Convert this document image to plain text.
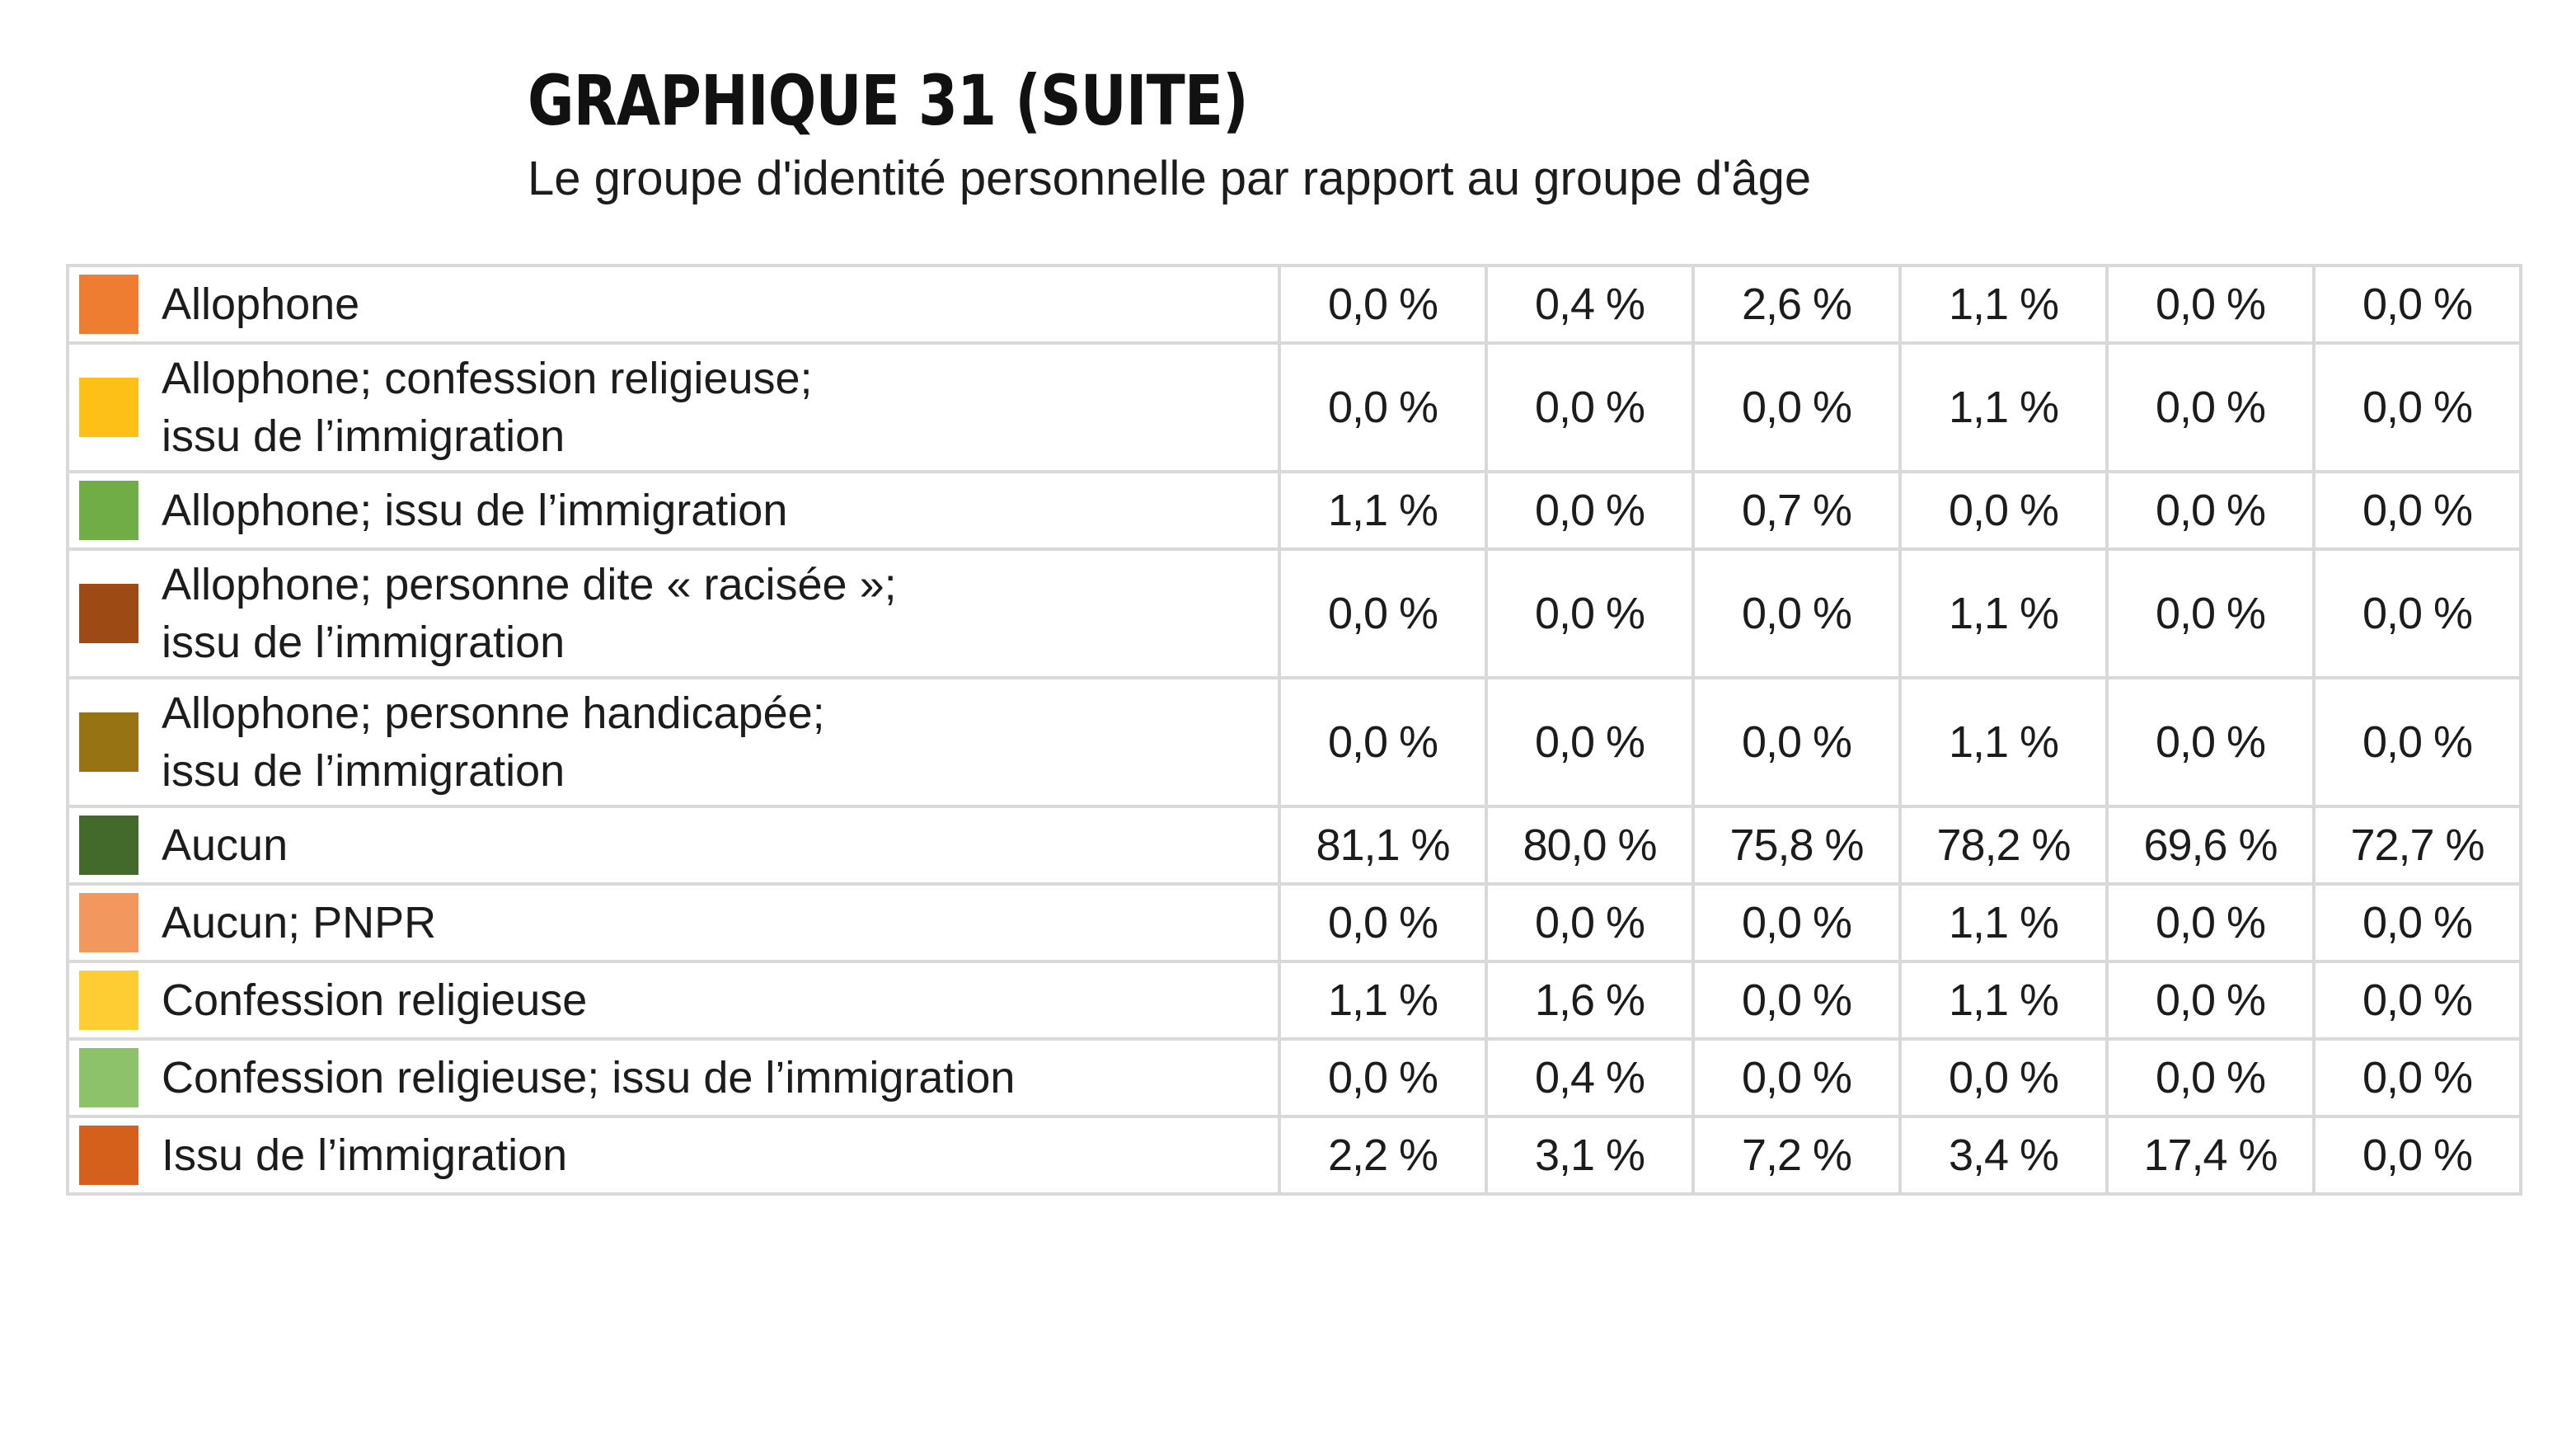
GRAPHIQUE 31 (SUITE)
Le groupe d'identité personnelle par rapport au groupe d'âge
Allophone	0,0 %	0,4 %	2,6 %	1,1 %	0,0 %	0,0 %

Allophone; confession religieuse;
issu de l’immigration	0,0 %	0,0 %	0,0 %	1,1 %	0,0 %	0,0 %

Allophone; issu de l’immigration	1,1 %	0,0 %	0,7 %	0,0 %	0,0 %	0,0 %

Allophone; personne dite « racisée »;
issu de l’immigration	0,0 %	0,0 %	0,0 %	1,1 %	0,0 %	0,0 %

Allophone; personne handicapée;
issu de l’immigration	0,0 %	0,0 %	0,0 %	1,1 %	0,0 %	0,0 %

Aucun	81,1 %	80,0 %	75,8 %	78,2 %	69,6 %	72,7 %

Aucun; PNPR	0,0 %	0,0 %	0,0 %	1,1 %	0,0 %	0,0 %

Confession religieuse	1,1 %	1,6 %	0,0 %	1,1 %	0,0 %	0,0 %

Confession religieuse; issu de l’immigration	0,0 %	0,4 %	0,0 %	0,0 %	0,0 %	0,0 %

Issu de l’immigration	2,2 %	3,1 %	7,2 %	3,4 %	17,4 %	0,0 %
